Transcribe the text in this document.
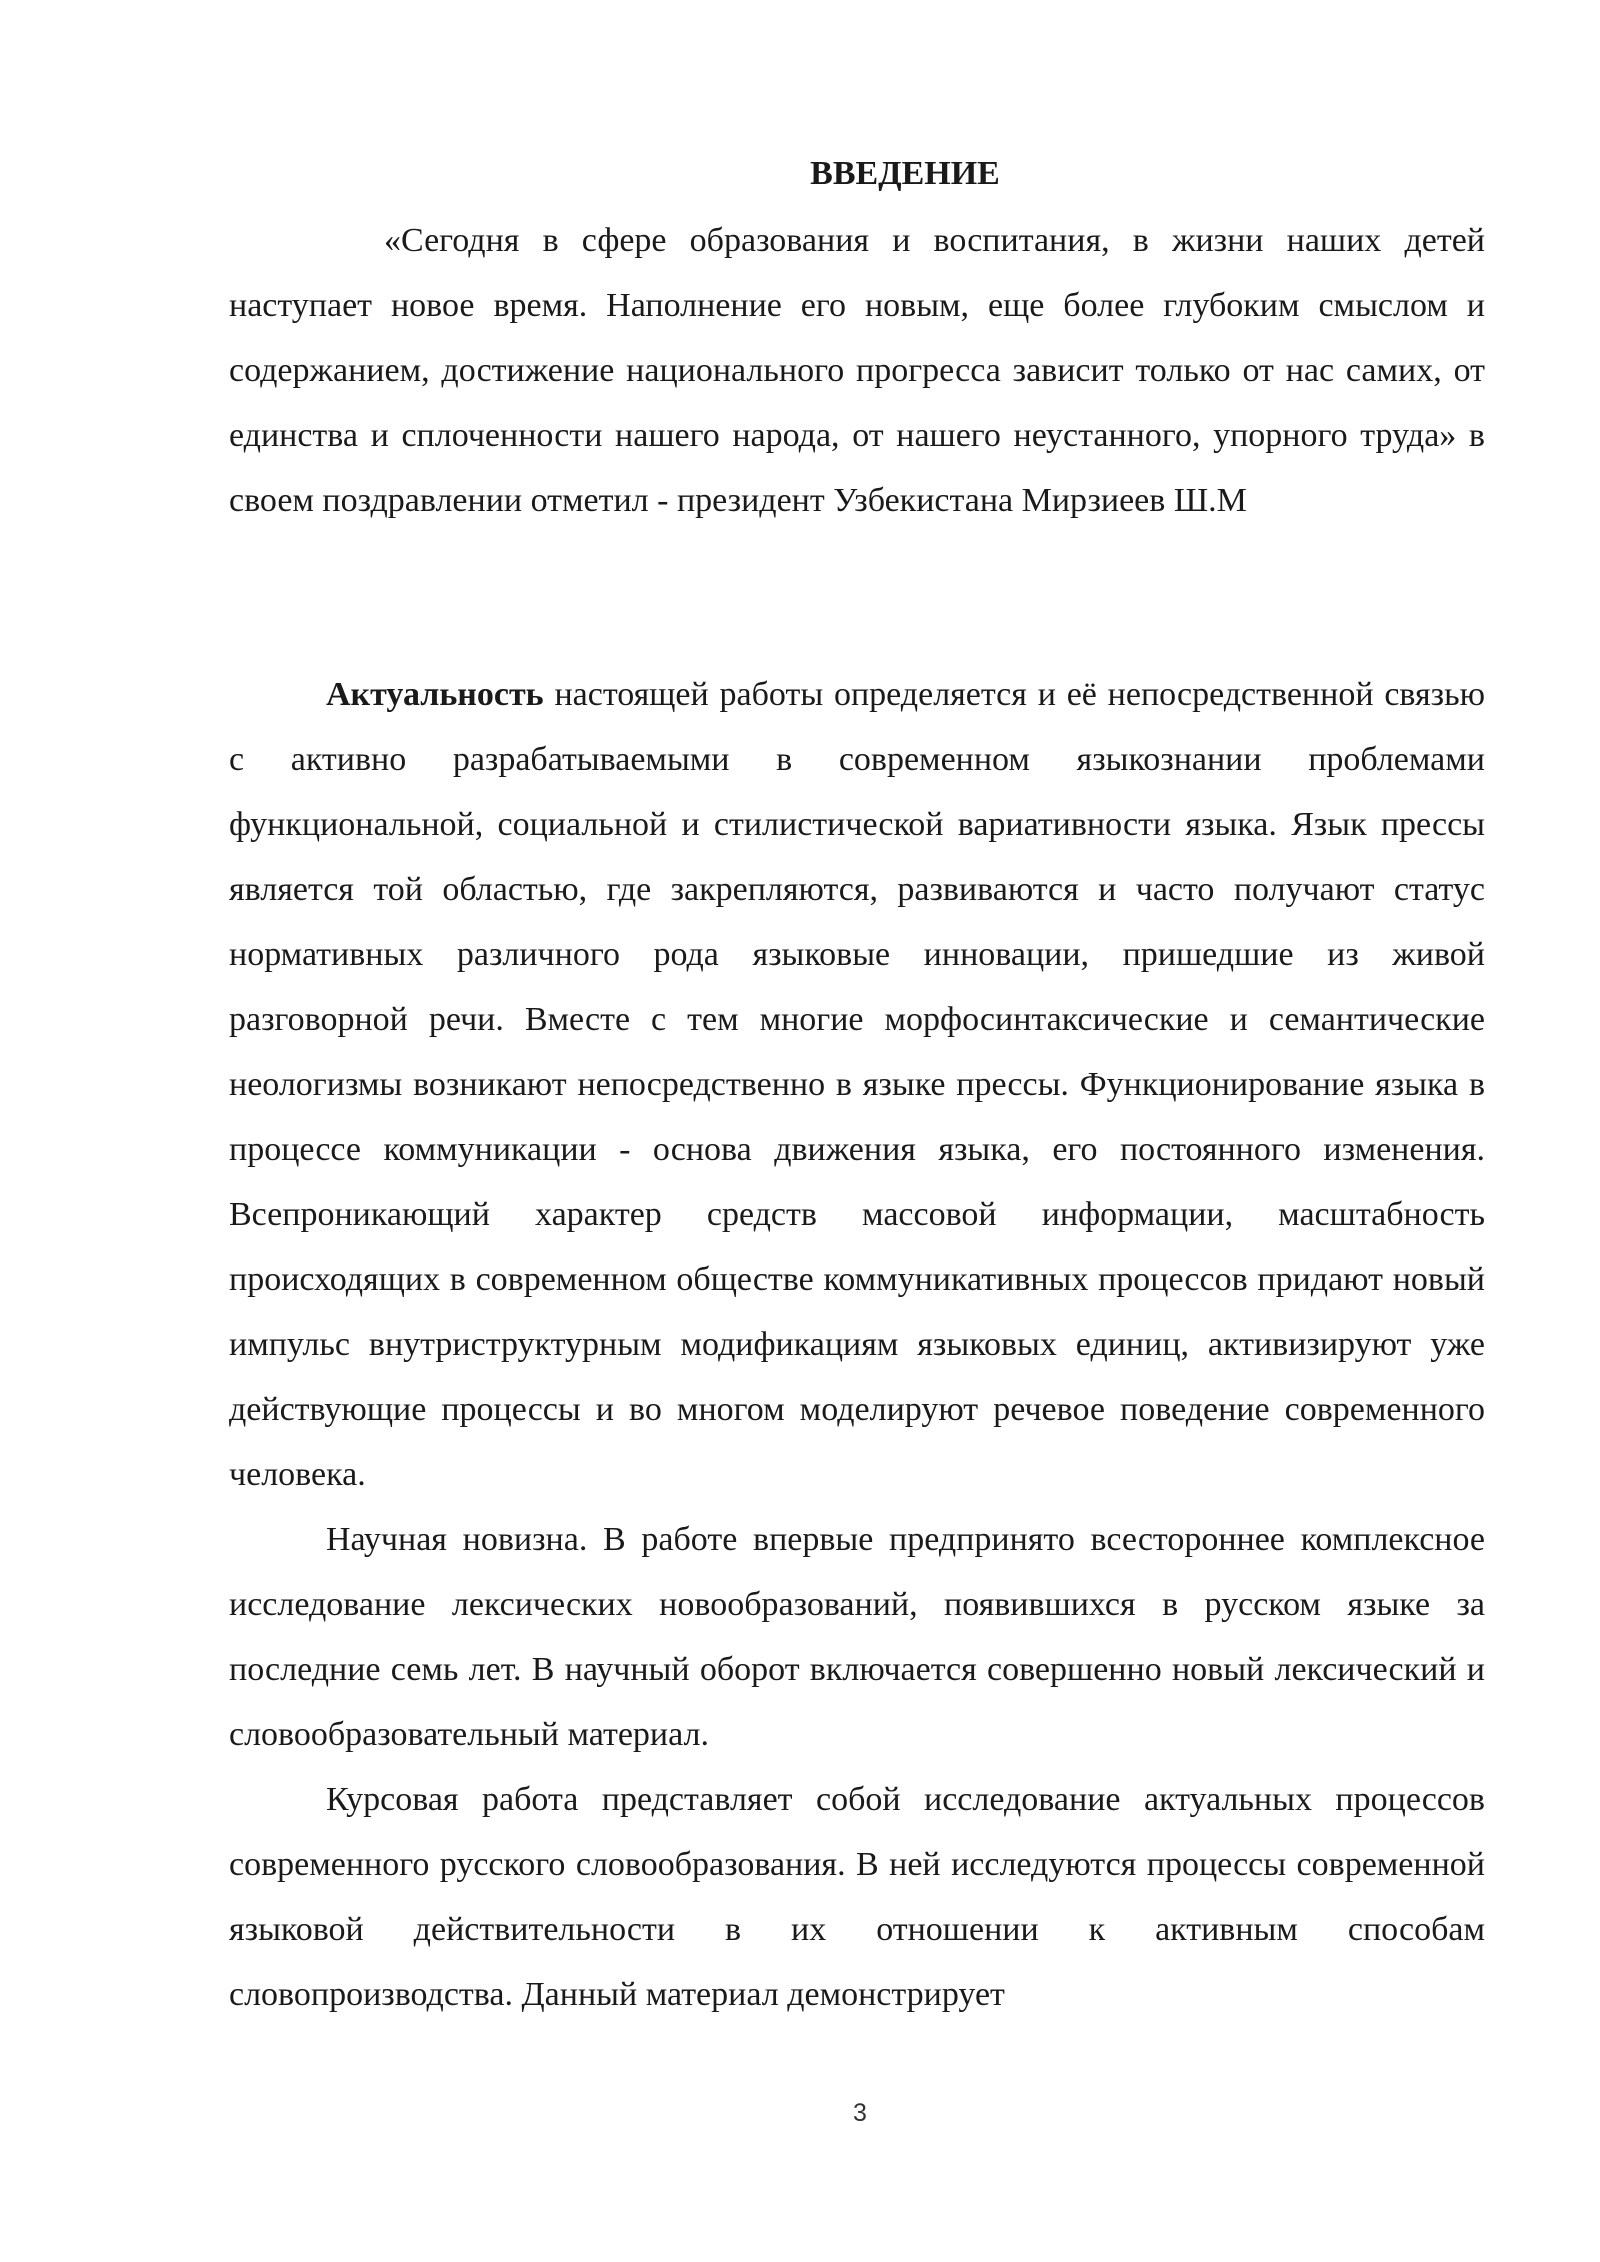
ВВЕДЕНИЕ

«Сегодня в сфере образования и воспитания, в жизни наших детей наступает новое время. Наполнение его новым, еще более глубоким смыслом и содержанием, достижение национального прогресса зависит только от нас самих, от единства и сплоченности нашего народа, от нашего неустанного, упорного труда» в своем поздравлении отметил - президент Узбекистана Мирзиеев Ш.М

Актуальность настоящей работы определяется и её непосредственной связью с активно разрабатываемыми в современном языкознании проблемами функциональной, социальной и стилистической вариативности языка. Язык прессы является той областью, где закрепляются, развиваются и часто получают статус нормативных различного рода языковые инновации, пришедшие из живой разговорной речи. Вместе с тем многие морфосинтаксические и семантические неологизмы возникают непосредственно в языке прессы. Функционирование языка в процессе коммуникации - основа движения языка, его постоянного изменения. Всепроникающий характер средств массовой информации, масштабность происходящих в современном обществе коммуникативных процессов придают новый импульс внутриструктурным модификациям языковых единиц, активизируют уже действующие процессы и во многом моделируют речевое поведение современного человека.

Научная новизна. В работе впервые предпринято всестороннее комплексное исследование лексических новообразований, появившихся в русском языке за последние семь лет. В научный оборот включается совершенно новый лексический и словообразовательный материал.

Курсовая работа представляет собой исследование актуальных процессов современного русского словообразования. В ней исследуются процессы современной языковой действительности в их отношении к активным способам словопроизводства. Данный материал демонстрирует

3
